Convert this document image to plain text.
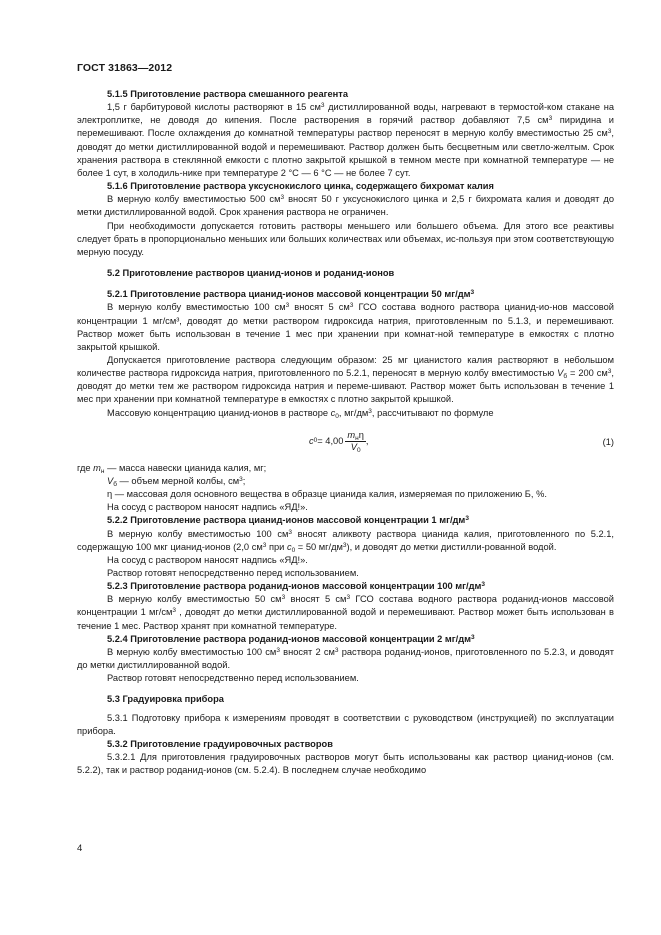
ГОСТ 31863—2012

5.1.5 Приготовление раствора смешанного реагента

1,5 г барбитуровой кислоты растворяют в 15 $см^3$ дистиллированной воды, нагревают в термостой-ком стакане на электроплитке, не доводя до кипения. После растворения в горячий раствор добавляют 7,5 $см^3$ пиридина и перемешивают. После охлаждения до комнатной температуры раствор переносят в мерную колбу вместимостью 25 $см^3$, доводят до метки дистиллированной водой и перемешивают. Раствор должен быть бесцветным или светло-желтым. Срок хранения раствора в стеклянной емкости с плотно закрытой крышкой в темном месте при комнатной температуре — не более 1 сут, в холодиль-нике при температуре 2 °С — 6 °С — не более 7 сут.

5.1.6 Приготовление раствора уксуснокислого цинка, содержащего бихромат калия

В мерную колбу вместимостью 500 $см^3$ вносят 50 г уксуснокислого цинка и 2,5 г бихромата калия и доводят до метки дистиллированной водой. Срок хранения раствора не ограничен.

При необходимости допускается готовить растворы меньшего или большего объема. Для этого все реактивы следует брать в пропорционально меньших или больших количествах или объемах, ис-пользуя при этом соответствующую мерную посуду.

5.2 Приготовление растворов цианид-ионов и роданид-ионов

5.2.1 Приготовление раствора цианид-ионов массовой концентрации 50 $мг/дм^3$

В мерную колбу вместимостью 100 $см^3$ вносят 5 $см^3$ ГСО состава водного раствора цианид-ио-нов массовой концентрации 1 мг/см³, доводят до метки раствором гидроксида натрия, приготовленным по 5.1.3, и перемешивают. Раствор может быть использован в течение 1 мес при хранении при комнат-ной температуре в емкостях с плотно закрытой крышкой.

Допускается приготовление раствора следующим образом: 25 мг цианистого калия растворяют в небольшом количестве раствора гидроксида натрия, приготовленного по 5.2.1, переносят в мерную колбу вместимостью $V_б = 200$ $см^3$, доводят до метки тем же раствором гидроксида натрия и переме-шивают. Раствор может быть использован в течение 1 мес при хранении при комнатной температуре в емкостях с плотно закрытой крышкой.

Массовую концентрацию цианид-ионов в растворе $c_0$, $мг/дм^3$, рассчитывают по формуле

c $0 = 4,00 \frac{m_н\eta}{V_0}$ ,	(1)

где $m_н$ — масса навески цианида калия, мг;

$V_б$ — объем мерной колбы, $см^3$;

η — массовая доля основного вещества в образце цианида калия, измеряемая по приложению Б, %.

На сосуд с раствором наносят надпись «ЯД!».

5.2.2 Приготовление раствора цианид-ионов массовой концентрации 1 $мг/дм^3$

В мерную колбу вместимостью 100 $см^3$ вносят аликвоту раствора цианида калия, приготовленного по 5.2.1, содержащую 100 мкг цианид-ионов (2,0 $см^3$ при $c_0 = 50$ $мг/дм^3$), и доводят до метки дистилли-рованной водой.

На сосуд с раствором наносят надпись «ЯД!».

Раствор готовят непосредственно перед использованием.

5.2.3 Приготовление раствора роданид-ионов массовой концентрации 100 $мг/дм^3$

В мерную колбу вместимостью 50 $см^3$ вносят 5 $см^3$ ГСО состава водного раствора роданид-ионов массовой концентрации 1 $мг/см^3$ , доводят до метки дистиллированной водой и перемешивают. Раствор может быть использован в течение 1 мес. Раствор хранят при комнатной температуре.

5.2.4 Приготовление раствора роданид-ионов массовой концентрации 2 $мг/дм^3$

В мерную колбу вместимостью 100 $см^3$ вносят 2 $см^3$ раствора роданид-ионов, приготовленного по 5.2.3, и доводят до метки дистиллированной водой.

Раствор готовят непосредственно перед использованием.

5.3 Градуировка прибора

5.3.1 Подготовку прибора к измерениям проводят в соответствии с руководством (инструкцией) по эксплуатации прибора.

5.3.2 Приготовление градуировочных растворов

5.3.2.1 Для приготовления градуировочных растворов могут быть использованы как раствор цианид-ионов (см. 5.2.2), так и раствор роданид-ионов (см. 5.2.4). В последнем случае необходимо

4
